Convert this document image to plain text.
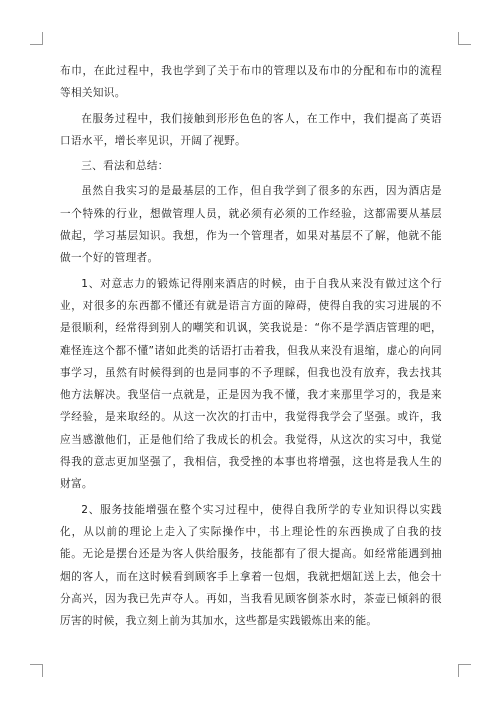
布巾，在此过程中，我也学到了关于布巾的管理以及布巾的分配和布巾的流程等相关知识。

在服务过程中，我们接触到形形色色的客人，在工作中，我们提高了英语口语水平，增长率见识，开阔了视野。

三、看法和总结：

虽然自我实习的是最基层的工作，但自我学到了很多的东西，因为酒店是一个特殊的行业，想做管理人员，就必须有必须的工作经验，这都需要从基层做起，学习基层知识。我想，作为一个管理者，如果对基层不了解，他就不能做一个好的管理者。

1、对意志力的锻炼记得刚来酒店的时候，由于自我从来没有做过这个行业，对很多的东西都不懂还有就是语言方面的障碍，使得自我的实习进展的不是很顺利，经常得到别人的嘲笑和讥讽，笑我说是：“你不是学酒店管理的吧，难怪连这个都不懂”诸如此类的话语打击着我，但我从来没有退缩，虚心的向同事学习，虽然有时候得到的也是同事的不予理睬，但我也没有放弃，我去找其他方法解决。我坚信一点就是，正是因为我不懂，我才来那里学习的，我是来学经验，是来取经的。从这一次次的打击中，我觉得我学会了坚强。或许，我应当感激他们，正是他们给了我成长的机会。我觉得，从这次的实习中，我觉得我的意志更加坚强了，我相信，我受挫的本事也将增强，这也将是我人生的财富。

2、服务技能增强在整个实习过程中，使得自我所学的专业知识得以实践化，从以前的理论上走入了实际操作中，书上理论性的东西换成了自我的技能。无论是摆台还是为客人供给服务，技能都有了很大提高。如经常能遇到抽烟的客人，而在这时候看到顾客手上拿着一包烟，我就把烟缸送上去，他会十分高兴，因为我已先声夺人。再如，当我看见顾客倒茶水时，茶壶已倾斜的很厉害的时候，我立刻上前为其加水，这些都是实践锻炼出来的能。
